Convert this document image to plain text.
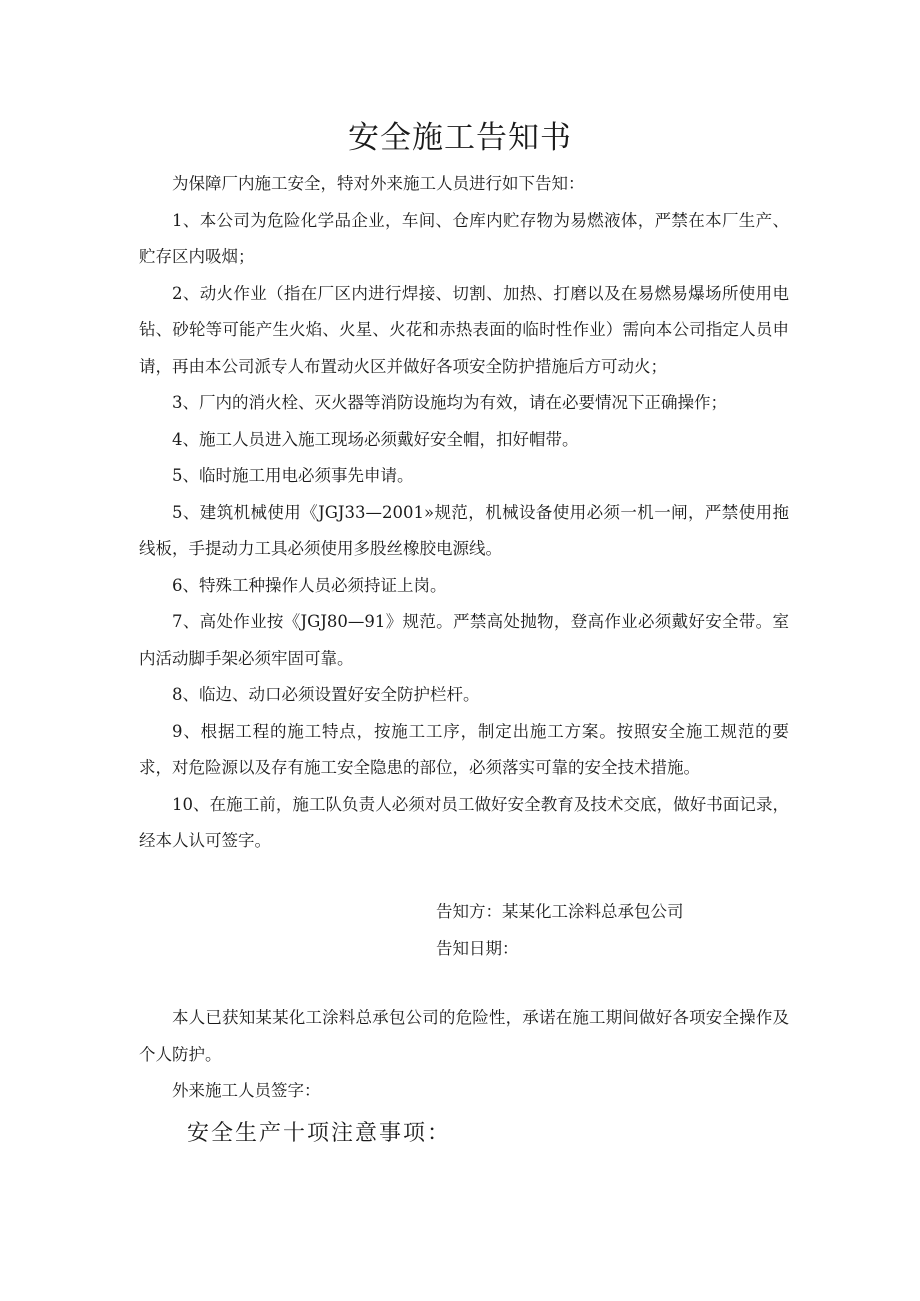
安全施工告知书

为保障厂内施工安全，特对外来施工人员进行如下告知：

1、本公司为危险化学品企业，车间、仓库内贮存物为易燃液体，严禁在本厂生产、贮存区内吸烟；

2、动火作业（指在厂区内进行焊接、切割、加热、打磨以及在易燃易爆场所使用电钻、砂轮等可能产生火焰、火星、火花和赤热表面的临时性作业）需向本公司指定人员申请，再由本公司派专人布置动火区并做好各项安全防护措施后方可动火；

3、厂内的消火栓、灭火器等消防设施均为有效，请在必要情况下正确操作；

4、施工人员进入施工现场必须戴好安全帽，扣好帽带。

5、临时施工用电必须事先申请。

5、建筑机械使用《JGJ33—2001»规范，机械设备使用必须一机一闸，严禁使用拖线板，手提动力工具必须使用多股丝橡胶电源线。

6、特殊工种操作人员必须持证上岗。

7、高处作业按《JGJ80—91》规范。严禁高处抛物，登高作业必须戴好安全带。室内活动脚手架必须牢固可靠。

8、临边、动口必须设置好安全防护栏杆。

9、根据工程的施工特点，按施工工序，制定出施工方案。按照安全施工规范的要求，对危险源以及存有施工安全隐患的部位，必须落实可靠的安全技术措施。

10、在施工前，施工队负责人必须对员工做好安全教育及技术交底，做好书面记录，经本人认可签字。

告知方：某某化工涂料总承包公司
告知日期：

本人已获知某某化工涂料总承包公司的危险性，承诺在施工期间做好各项安全操作及个人防护。

外来施工人员签字：

安全生产十项注意事项：
